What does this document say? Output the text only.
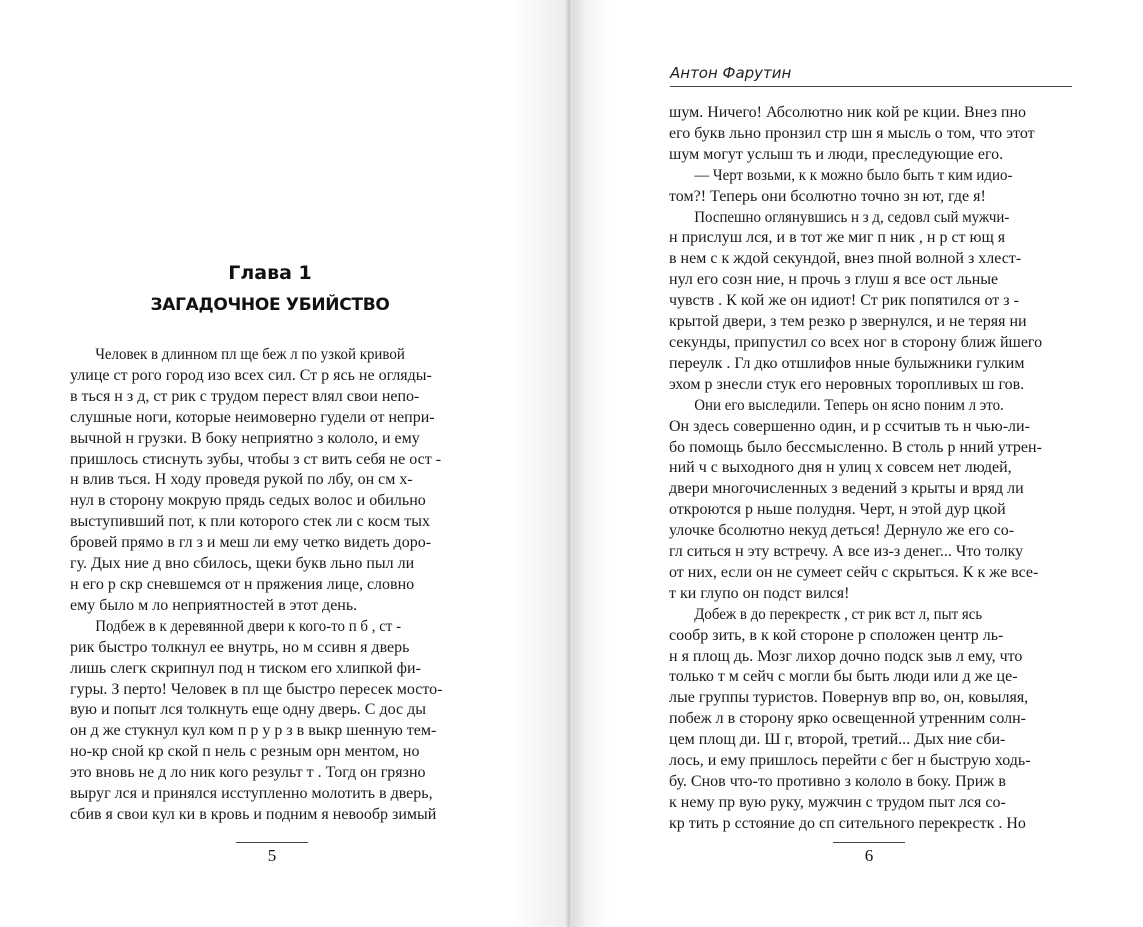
Глава 1
ЗАГАДОЧНОЕ УБИЙСТВО
Человек в длинном пл ще беж л по узкой кривой
улице ст рого город изо всех сил. Ст р ясь не огляды-
в ться н з д, ст рик с трудом перест влял свои непо-
слушные ноги, которые неимоверно гудели от непри-
вычной н грузки. В боку неприятно з кололо, и ему
пришлось стиснуть зубы, чтобы з ст вить себя не ост -
н влив ться. Н ходу проведя рукой по лбу, он см х-
нул в сторону мокрую прядь седых волос и обильно
выступивший пот, к пли которого стек ли с косм тых
бровей прямо в гл з и меш ли ему четко видеть доро-
гу. Дых ние д вно сбилось, щеки букв льно пыл ли
н его р скр сневшемся от н пряжения лице, словно
ему было м ло неприятностей в этот день.
Подбеж в к деревянной двери к кого-то п б , ст -
рик быстро толкнул ее внутрь, но м ссивн я дверь
лишь слегк скрипнул под н тиском его хлипкой фи-
гуры. З перто! Человек в пл ще быстро пересек мосто-
вую и попыт лся толкнуть еще одну дверь. С дос ды
он д же стукнул кул ком п р у р з в выкр шенную тем-
но-кр сной кр ской п нель с резным орн ментом, но
это вновь не д ло ник кого результ т . Тогд он грязно
выруг лся и принялся исступленно молотить в дверь,
сбив я свои кул ки в кровь и подним я невообр зимый
5
Антон Фарутин
шум. Ничего! Абсолютно ник кой ре кции. Внез пно
его букв льно пронзил стр шн я мысль о том, что этот
шум могут услыш ть и люди, преследующие его.
— Черт возьми, к к можно было быть т ким идио-
том?! Теперь они бсолютно точно зн ют, где я!
Поспешно оглянувшись н з д, седовл сый мужчи-
н прислуш лся, и в тот же миг п ник , н р ст ющ я
в нем с к ждой секундой, внез пной волной з хлест-
нул его созн ние, н прочь з глуш я все ост льные
чувств . К кой же он идиот! Ст рик попятился от з -
крытой двери, з тем резко р звернулся, и не теряя ни
секунды, припустил со всех ног в сторону ближ йшего
переулк . Гл дко отшлифов нные булыжники гулким
эхом р знесли стук его неровных торопливых ш гов.
Они его выследили. Теперь он ясно поним л это.
Он здесь совершенно один, и р ссчитыв ть н чью-ли-
бо помощь было бессмысленно. В столь р нний утрен-
ний ч с выходного дня н улиц х совсем нет людей,
двери многочисленных з ведений з крыты и вряд ли
откроются р ньше полудня. Черт, н этой дур цкой
улочке бсолютно некуд деться! Дернуло же его со-
гл ситься н эту встречу. А все из-з денег... Что толку
от них, если он не сумеет сейч с скрыться. К к же все-
т ки глупо он подст вился!
Добеж в до перекрестк , ст рик вст л, пыт ясь
сообр зить, в к кой стороне р сположен центр ль-
н я площ дь. Мозг лихор дочно подск зыв л ему, что
только т м сейч с могли бы быть люди или д же це-
лые группы туристов. Повернув впр во, он, ковыляя,
побеж л в сторону ярко освещенной утренним солн-
цем площ ди. Ш г, второй, третий... Дых ние сби-
лось, и ему пришлось перейти с бег н быструю ходь-
бу. Снов что-то противно з кололо в боку. Приж в
к нему пр вую руку, мужчин с трудом пыт лся со-
кр тить р сстояние до сп сительного перекрестк . Но
6
